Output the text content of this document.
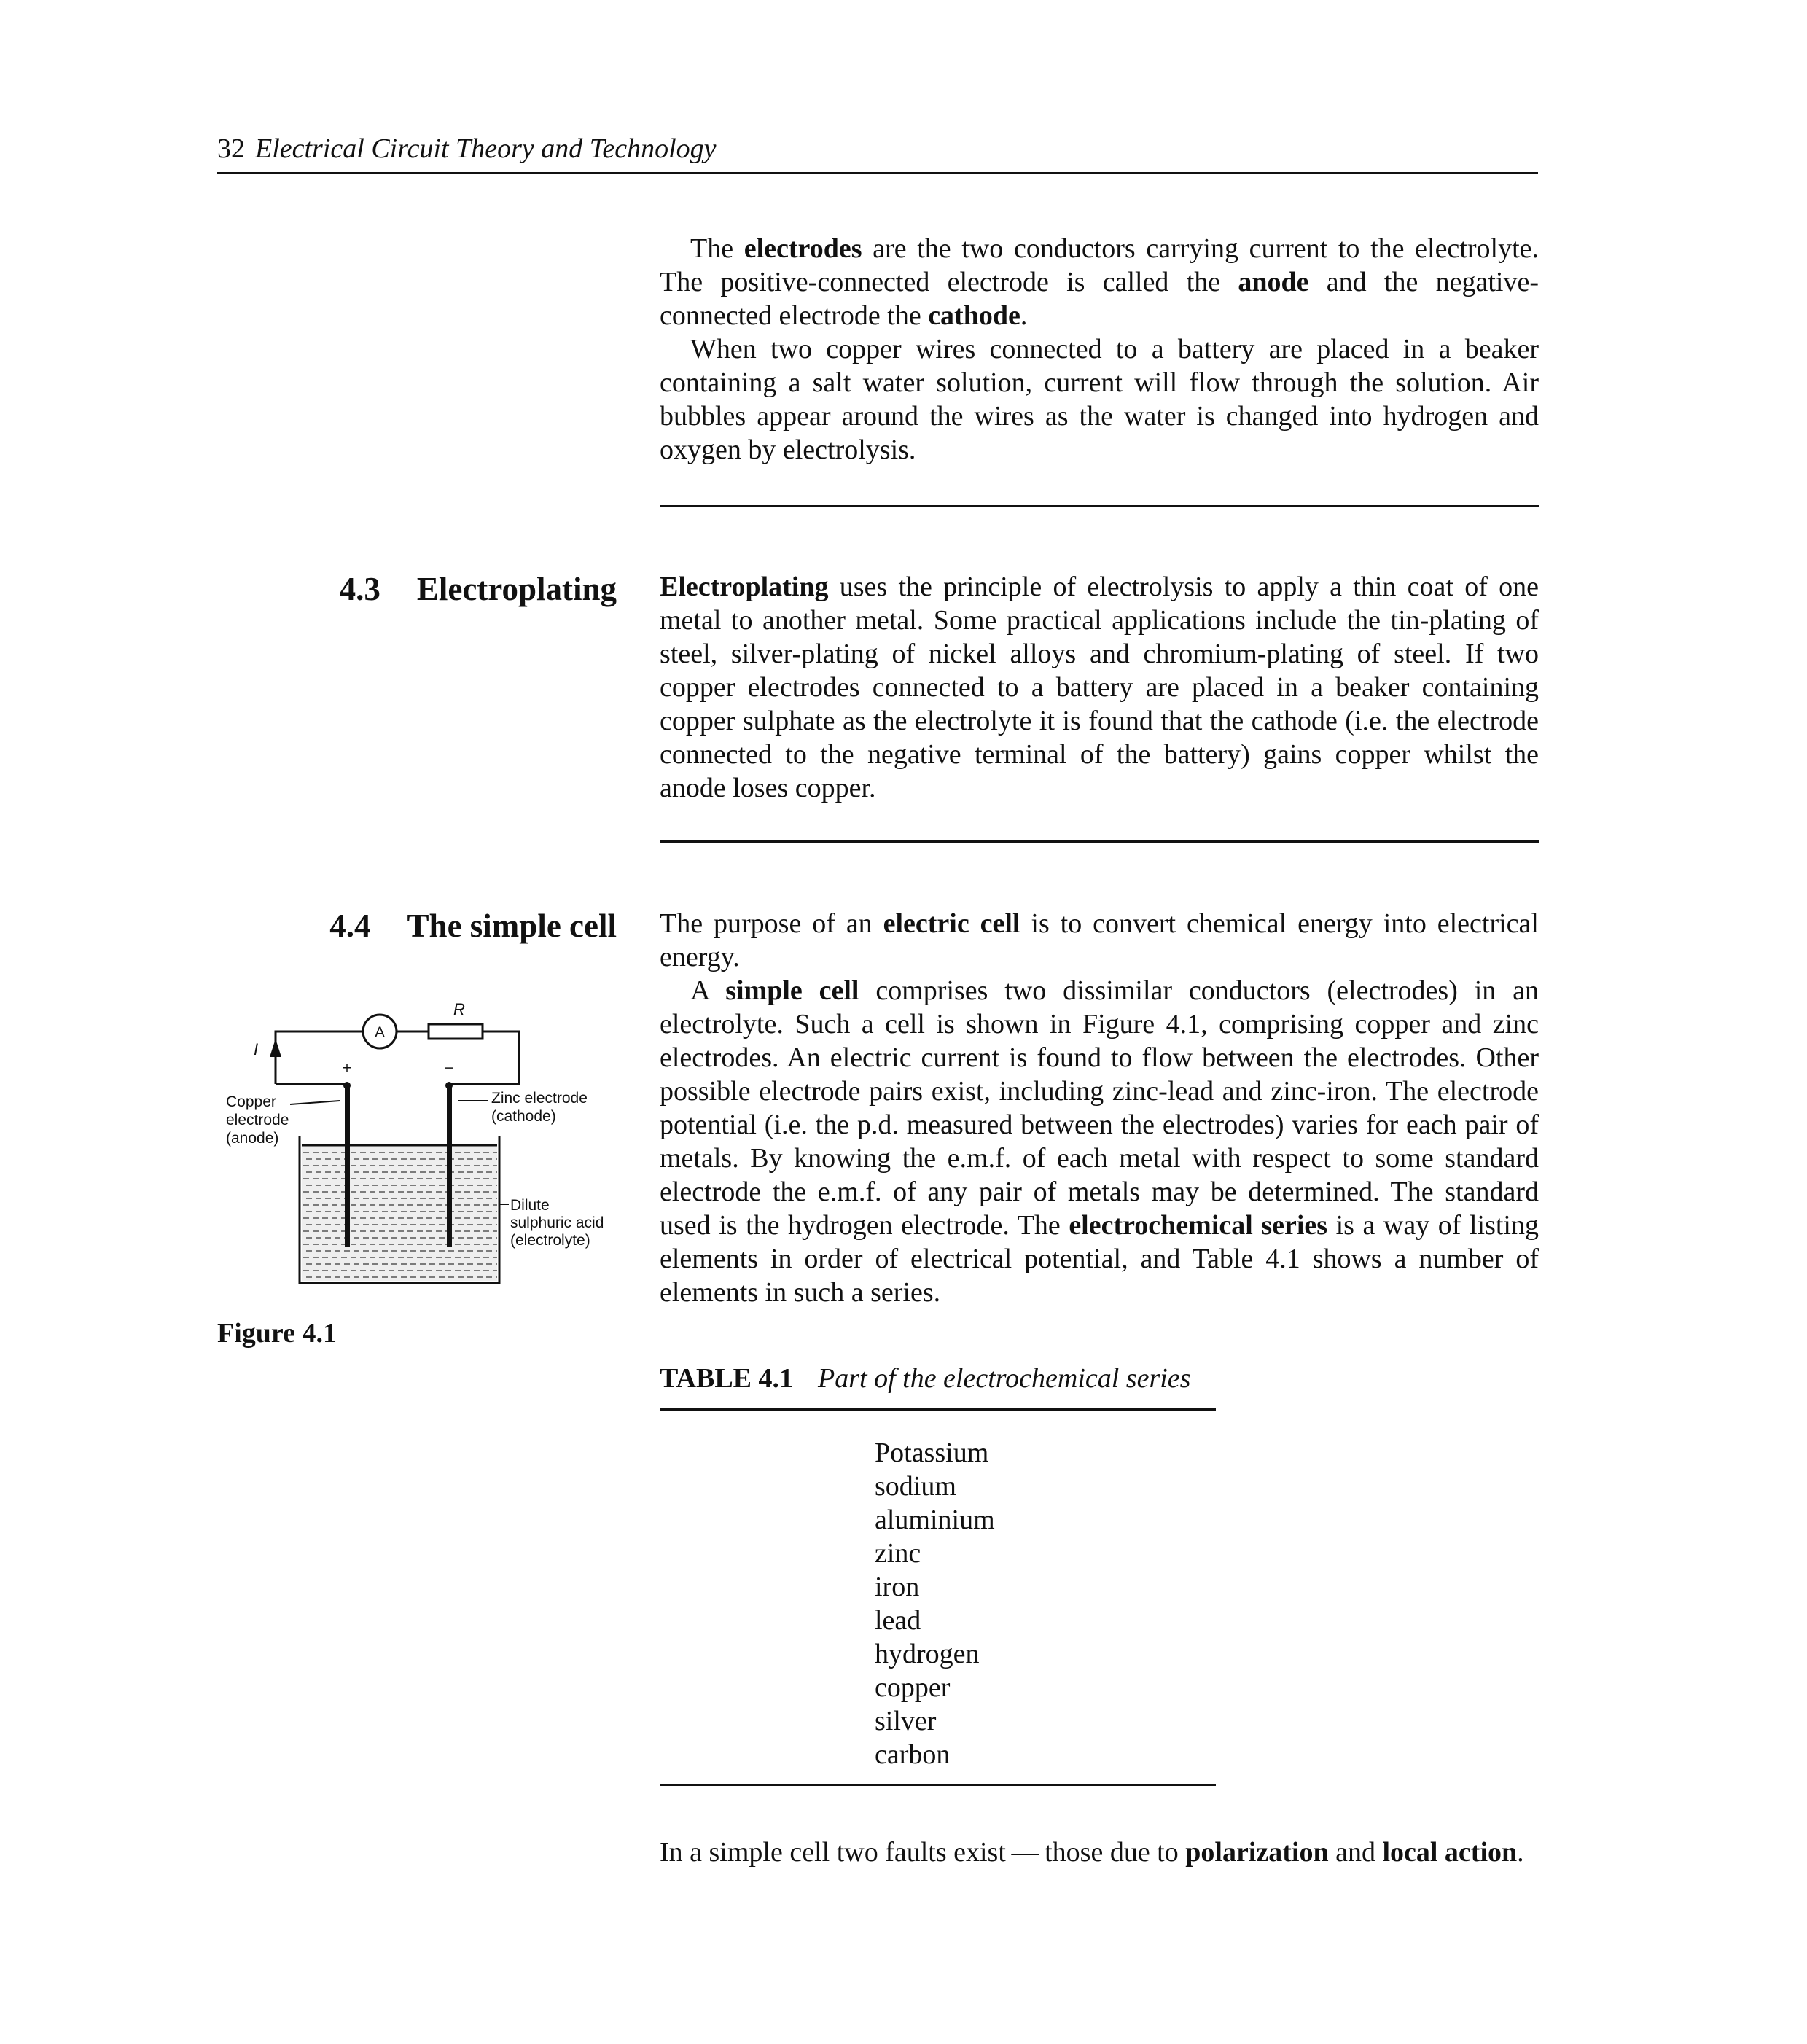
32 Electrical Circuit Theory and Technology

The electrodes are the two conductors carrying current to the electrolyte. The positive-connected electrode is called the anode and the negative-connected electrode the cathode.

When two copper wires connected to a battery are placed in a beaker containing a salt water solution, current will flow through the solution. Air bubbles appear around the wires as the water is changed into hydrogen and oxygen by electrolysis.

4.3 Electroplating Electroplating uses the principle of electrolysis to apply a thin coat of one metal to another metal. Some practical applications include the tin-plating of steel, silver-plating of nickel alloys and chromium-plating of steel. If two copper electrodes connected to a battery are placed in a beaker containing copper sulphate as the electrolyte it is found that the cathode (i.e. the electrode connected to the negative terminal of the battery) gains copper whilst the anode loses copper.

4.4 The simple cell The purpose of an electric cell is to convert chemical energy into electrical energy.

A simple cell comprises two dissimilar conductors (electrodes) in an electrolyte. Such a cell is shown in Figure 4.1, comprising copper and zinc electrodes. An electric current is found to flow between the electrodes. Other possible electrode pairs exist, including zinc-lead and zinc-iron. The electrode potential (i.e. the p.d. measured between the electrodes) varies for each pair of metals. By knowing the e.m.f. of each metal with respect to some standard electrode the e.m.f. of any pair of metals may be determined. The standard used is the hydrogen electrode. The electrochemical series is a way of listing elements in order of electrical potential, and Table 4.1 shows a number of elements in such a series.

I
A
R
+	−
Copper
electrode
(anode)
Zinc electrode
(cathode)
Dilute
sulphuric acid
(electrolyte)
Figure 4.1
TABLE 4.1 Part of the electrochemical series
Potassium
sodium
aluminium
zinc
iron
lead
hydrogen
copper
silver
carbon

In a simple cell two faults exist — those due to polarization and local action.
